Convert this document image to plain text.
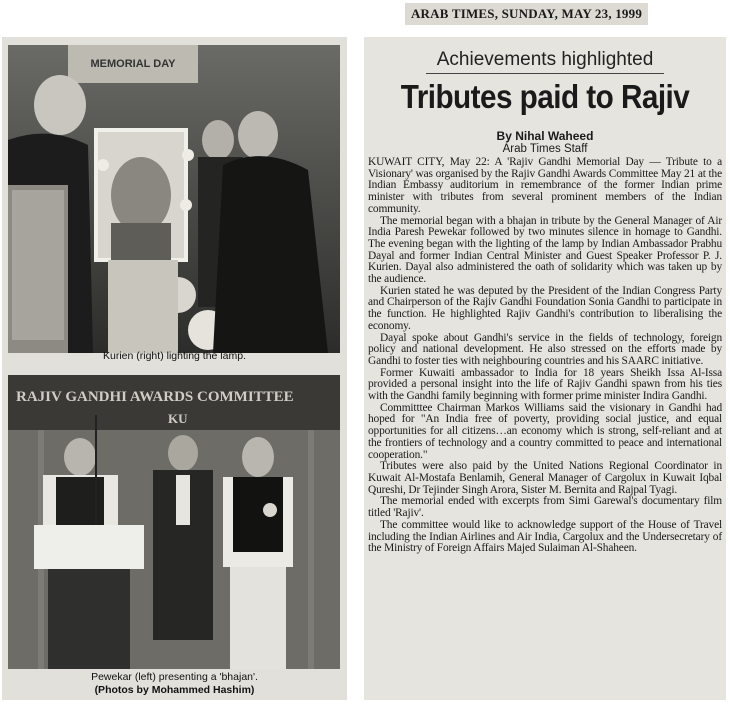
ARAB TIMES, SUNDAY, MAY 23, 1999
MEMORIAL DAY
Kurien (right) lighting the lamp.
RAJIV GANDHI AWARDS COMMITTEE
KU
Pewekar (left) presenting a 'bhajan'.
(Photos by Mohammed Hashim)
Achievements highlighted
Tributes paid to Rajiv
By Nihal Waheed
Arab Times Staff

KUWAIT CITY, May 22: A 'Rajiv Gandhi Memorial Day — Tribute to a Visionary' was organised by the Rajiv Gandhi Awards Committee May 21 at the Indian Embassy auditorium in remembrance of the former Indian prime minister with tributes from several prominent members of the Indian community.

The memorial began with a bhajan in tribute by the General Manager of Air India Paresh Pewekar followed by two minutes silence in homage to Gandhi. The evening began with the lighting of the lamp by Indian Ambassador Prabhu Dayal and former Indian Central Minister and Guest Speaker Professor P. J. Kurien. Dayal also administered the oath of solidarity which was taken up by the audience.

Kurien stated he was deputed by the President of the Indian Congress Party and Chairperson of the Rajiv Gandhi Foundation Sonia Gandhi to participate in the function. He highlighted Rajiv Gandhi's contribution to liberalising the economy.

Dayal spoke about Gandhi's service in the fields of technology, foreign policy and national development. He also stressed on the efforts made by Gandhi to foster ties with neighbouring countries and his SAARC initiative.

Former Kuwaiti ambassador to India for 18 years Sheikh Issa Al-Issa provided a personal insight into the life of Rajiv Gandhi spawn from his ties with the Gandhi family beginning with former prime minister Indira Gandhi.

Committtee Chairman Markos Williams said the visionary in Gandhi had hoped for "An India free of poverty, providing social justice, and equal opportunities for all citizens…an economy which is strong, self-reliant and at the frontiers of technology and a country committed to peace and international cooperation."

Tributes were also paid by the United Nations Regional Coordinator in Kuwait Al-Mostafa Benlamih, General Manager of Cargolux in Kuwait Iqbal Qureshi, Dr Tejinder Singh Arora, Sister M. Bernita and Rajpal Tyagi.

The memorial ended with excerpts from Simi Garewal's documentary film titled 'Rajiv'.

The committee would like to acknowledge support of the House of Travel including the Indian Airlines and Air India, Cargolux and the Undersecretary of the Ministry of Foreign Affairs Majed Sulaiman Al-Shaheen.
